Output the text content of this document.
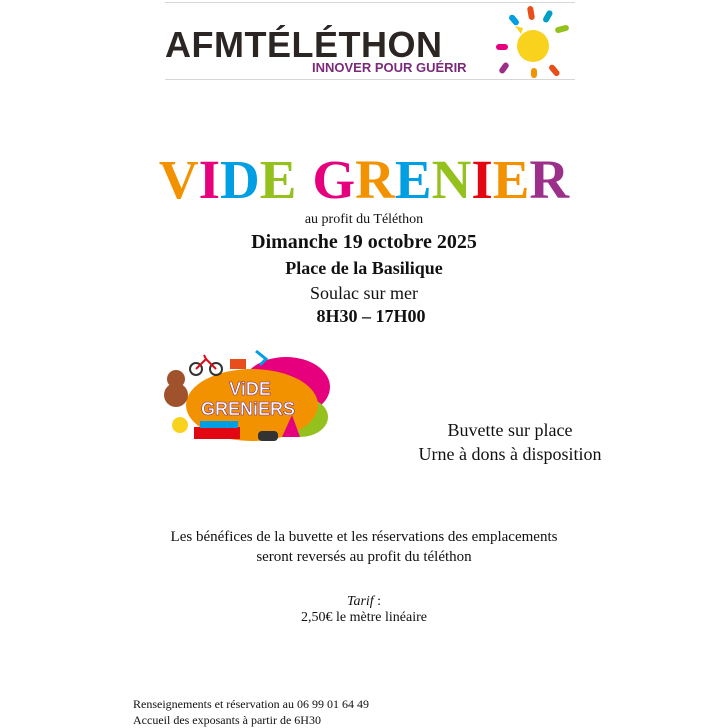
AFMTÉLÉTHON
INNOVER POUR GUÉRIR
VIDE GRENIER
au profit du Téléthon
Dimanche 19 octobre 2025
Place de la Basilique
Soulac sur mer
8H30 – 17H00
ViDE
GRENiERS
Buvette sur place
Urne à dons à disposition
Les bénéfices de la buvette et les réservations des emplacements
seront reversés au profit du téléthon
Tarif :
2,50€ le mètre linéaire
Renseignements et réservation au 06 99 01 64 49
Accueil des exposants à partir de 6H30
